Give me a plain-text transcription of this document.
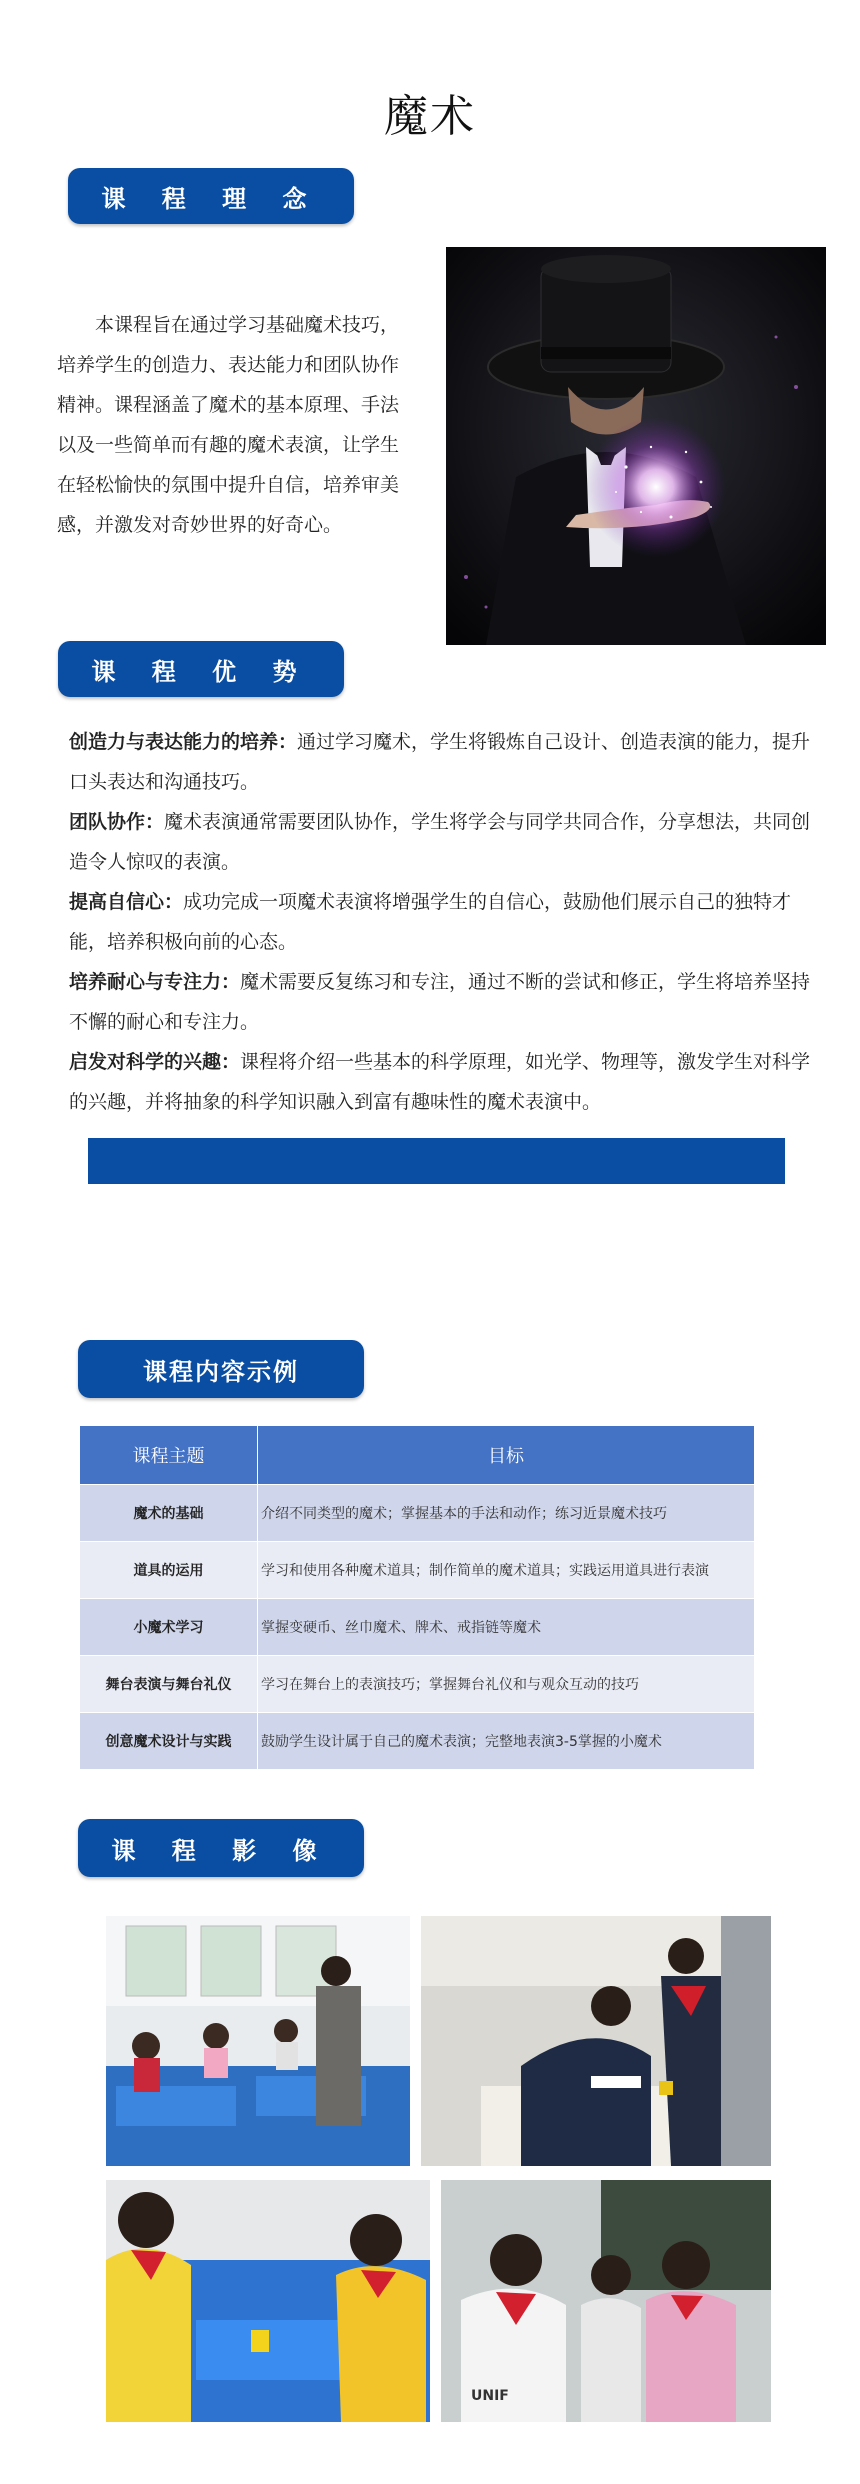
魔术
课 程 理 念

本课程旨在通过学习基础魔术技巧，培养学生的创造力、表达能力和团队协作精神。课程涵盖了魔术的基本原理、手法以及一些简单而有趣的魔术表演，让学生在轻松愉快的氛围中提升自信，培养审美感，并激发对奇妙世界的好奇心。

课 程 优 势

创造力与表达能力的培养：通过学习魔术，学生将锻炼自己设计、创造表演的能力，提升口头表达和沟通技巧。

团队协作：魔术表演通常需要团队协作，学生将学会与同学共同合作，分享想法，共同创造令人惊叹的表演。

提高自信心：成功完成一项魔术表演将增强学生的自信心，鼓励他们展示自己的独特才能，培养积极向前的心态。

培养耐心与专注力：魔术需要反复练习和专注，通过不断的尝试和修正，学生将培养坚持不懈的耐心和专注力。

启发对科学的兴趣：课程将介绍一些基本的科学原理，如光学、物理等，激发学生对科学的兴趣，并将抽象的科学知识融入到富有趣味性的魔术表演中。

课程内容示例
课程主题	目标
魔术的基础	介绍不同类型的魔术；掌握基本的手法和动作；练习近景魔术技巧
道具的运用	学习和使用各种魔术道具；制作简单的魔术道具；实践运用道具进行表演
小魔术学习	掌握变硬币、丝巾魔术、牌术、戒指链等魔术
舞台表演与舞台礼仪	学习在舞台上的表演技巧；掌握舞台礼仪和与观众互动的技巧
创意魔术设计与实践	鼓励学生设计属于自己的魔术表演；完整地表演3-5掌握的小魔术
课 程 影 像
UNIF
